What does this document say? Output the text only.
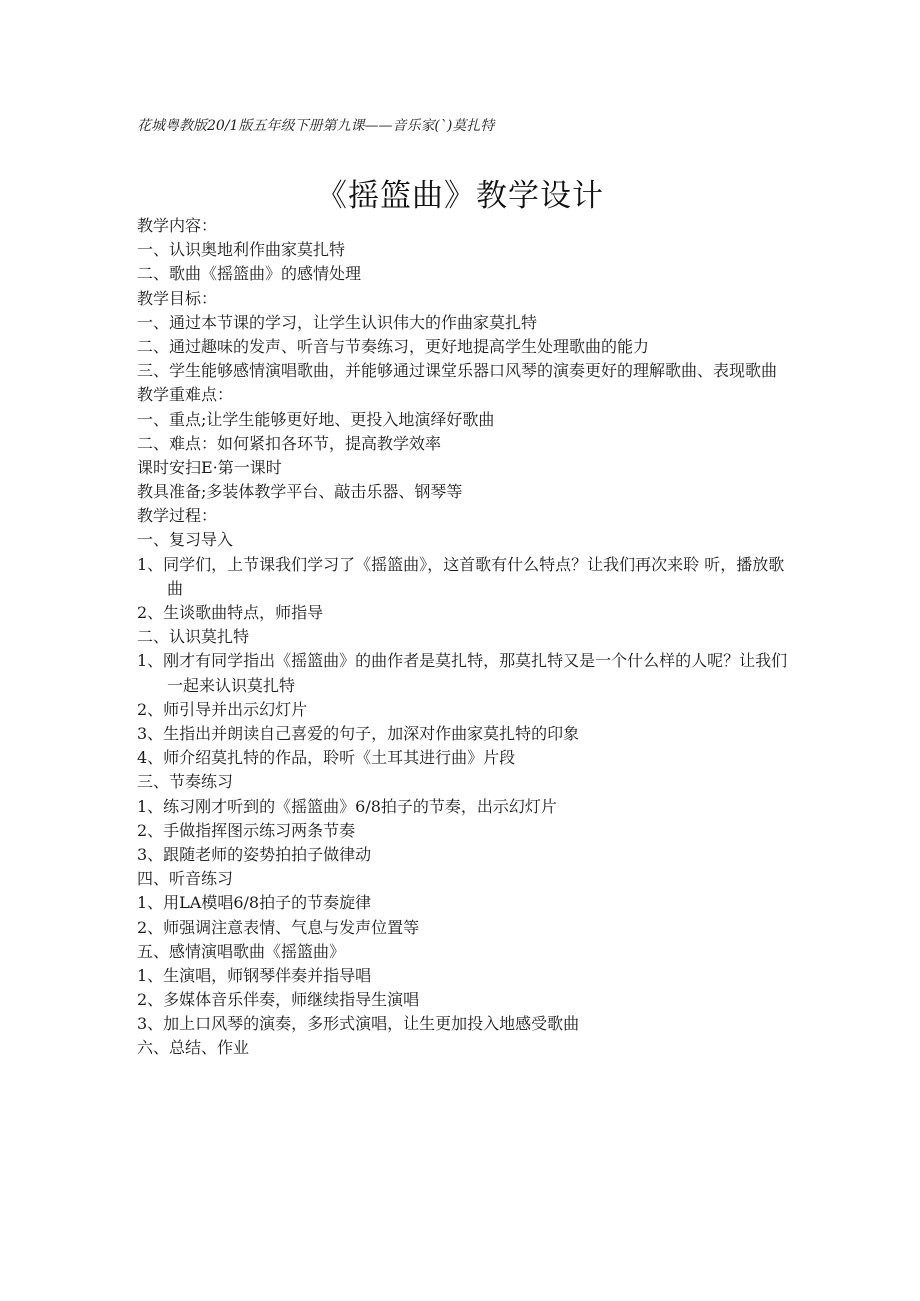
花城粤教版20/1版五年级下册第九课——音乐家(`)莫扎特
《摇篮曲》教学设计
教学内容：
一、认识奥地利作曲家莫扎特
二、歌曲《摇篮曲》的感情处理
教学目标：
一、通过本节课的学习，让学生认识伟大的作曲家莫扎特
二、通过趣味的发声、听音与节奏练习，更好地提高学生处理歌曲的能力
三、学生能够感情演唱歌曲，并能够通过课堂乐器口风琴的演奏更好的理解歌曲、表现歌曲
教学重难点：
一、重点;让学生能够更好地、更投入地演绎好歌曲
二、难点：如何紧扣各环节，提高教学效率
课时安扫E·第一课时
教具准备;多装体教学平台、敲击乐器、钢琴等
教学过程：
一、复习导入
1、同学们，上节课我们学习了《摇篮曲》，这首歌有什么特点？让我们再次来聆 听，播放歌曲
2、生谈歌曲特点，师指导
二、认识莫扎特
1、刚才有同学指出《摇篮曲》的曲作者是莫扎特，那莫扎特又是一个什么样的人呢？让我们一起来认识莫扎特
2、师引导并出示幻灯片
3、生指出并朗读自己喜爱的句子，加深对作曲家莫扎特的印象
4、师介绍莫扎特的作品，聆听《土耳其进行曲》片段
三、节奏练习
1、练习刚才听到的《摇篮曲》6/8拍子的节奏，出示幻灯片
2、手做指挥图示练习两条节奏
3、跟随老师的姿势拍拍子做律动
四、听音练习
1、用LA模唱6/8拍子的节奏旋律
2、师强调注意表情、气息与发声位置等
五、感情演唱歌曲《摇篮曲》
1、生演唱，师钢琴伴奏并指导唱
2、多媒体音乐伴奏，师继续指导生演唱
3、加上口风琴的演奏，多形式演唱，让生更加投入地感受歌曲
六、总结、作业
